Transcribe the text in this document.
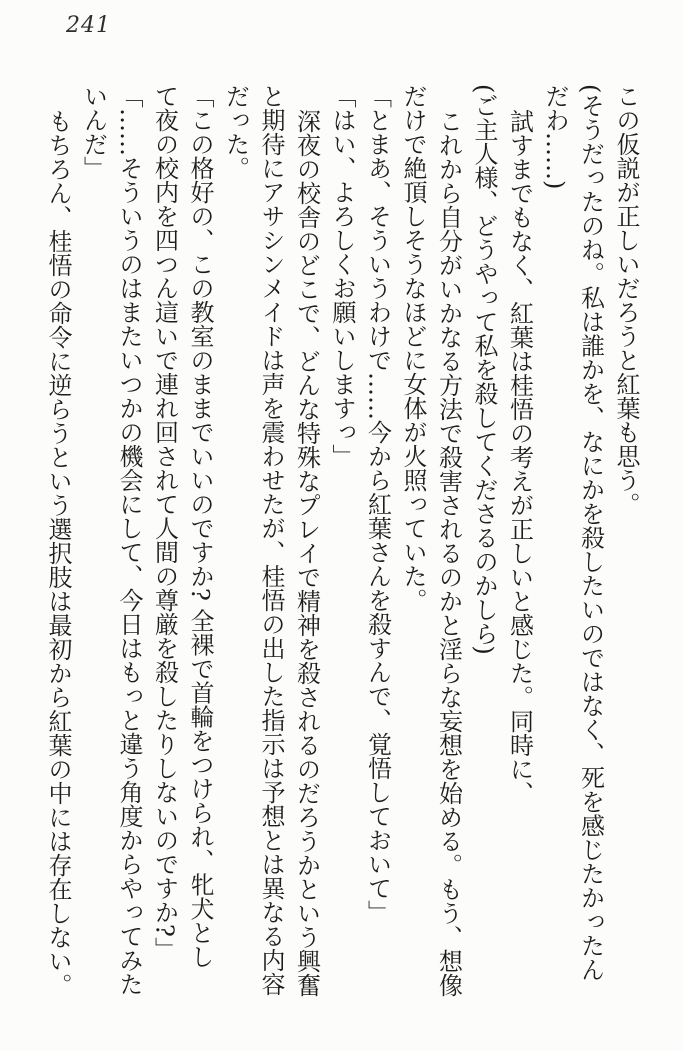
241

この仮説が正しいだろうと紅葉も思う。

(そうだったのね。私は誰かを、なにかを殺したいのではなく、死を感じたかったん

だわ……)

試すまでもなく、紅葉は桂悟の考えが正しいと感じた。同時に、

(ご主人様、どうやって私を殺してくださるのかしら)

これから自分がいかなる方法で殺害されるのかと淫らな妄想を始める。もう、想像

だけで絶頂しそうなほどに女体が火照っていた。

「とまあ、そういうわけで……今から紅葉さんを殺すんで、覚悟しておいて」

「はい、よろしくお願いしますっ」

深夜の校舎のどこで、どんな特殊なプレイで精神を殺されるのだろうかという興奮

と期待にアサシンメイドは声を震わせたが、桂悟の出した指示は予想とは異なる内容

だった。

「この格好の、この教室のままでいいのですか? 全裸で首輪をつけられ、牝犬とし

て夜の校内を四つん這いで連れ回されて人間の尊厳を殺したりしないのですか?」

「……そういうのはまたいつかの機会にして、今日はもっと違う角度からやってみた

いんだ」

もちろん、桂悟の命令に逆らうという選択肢は最初から紅葉の中には存在しない。
